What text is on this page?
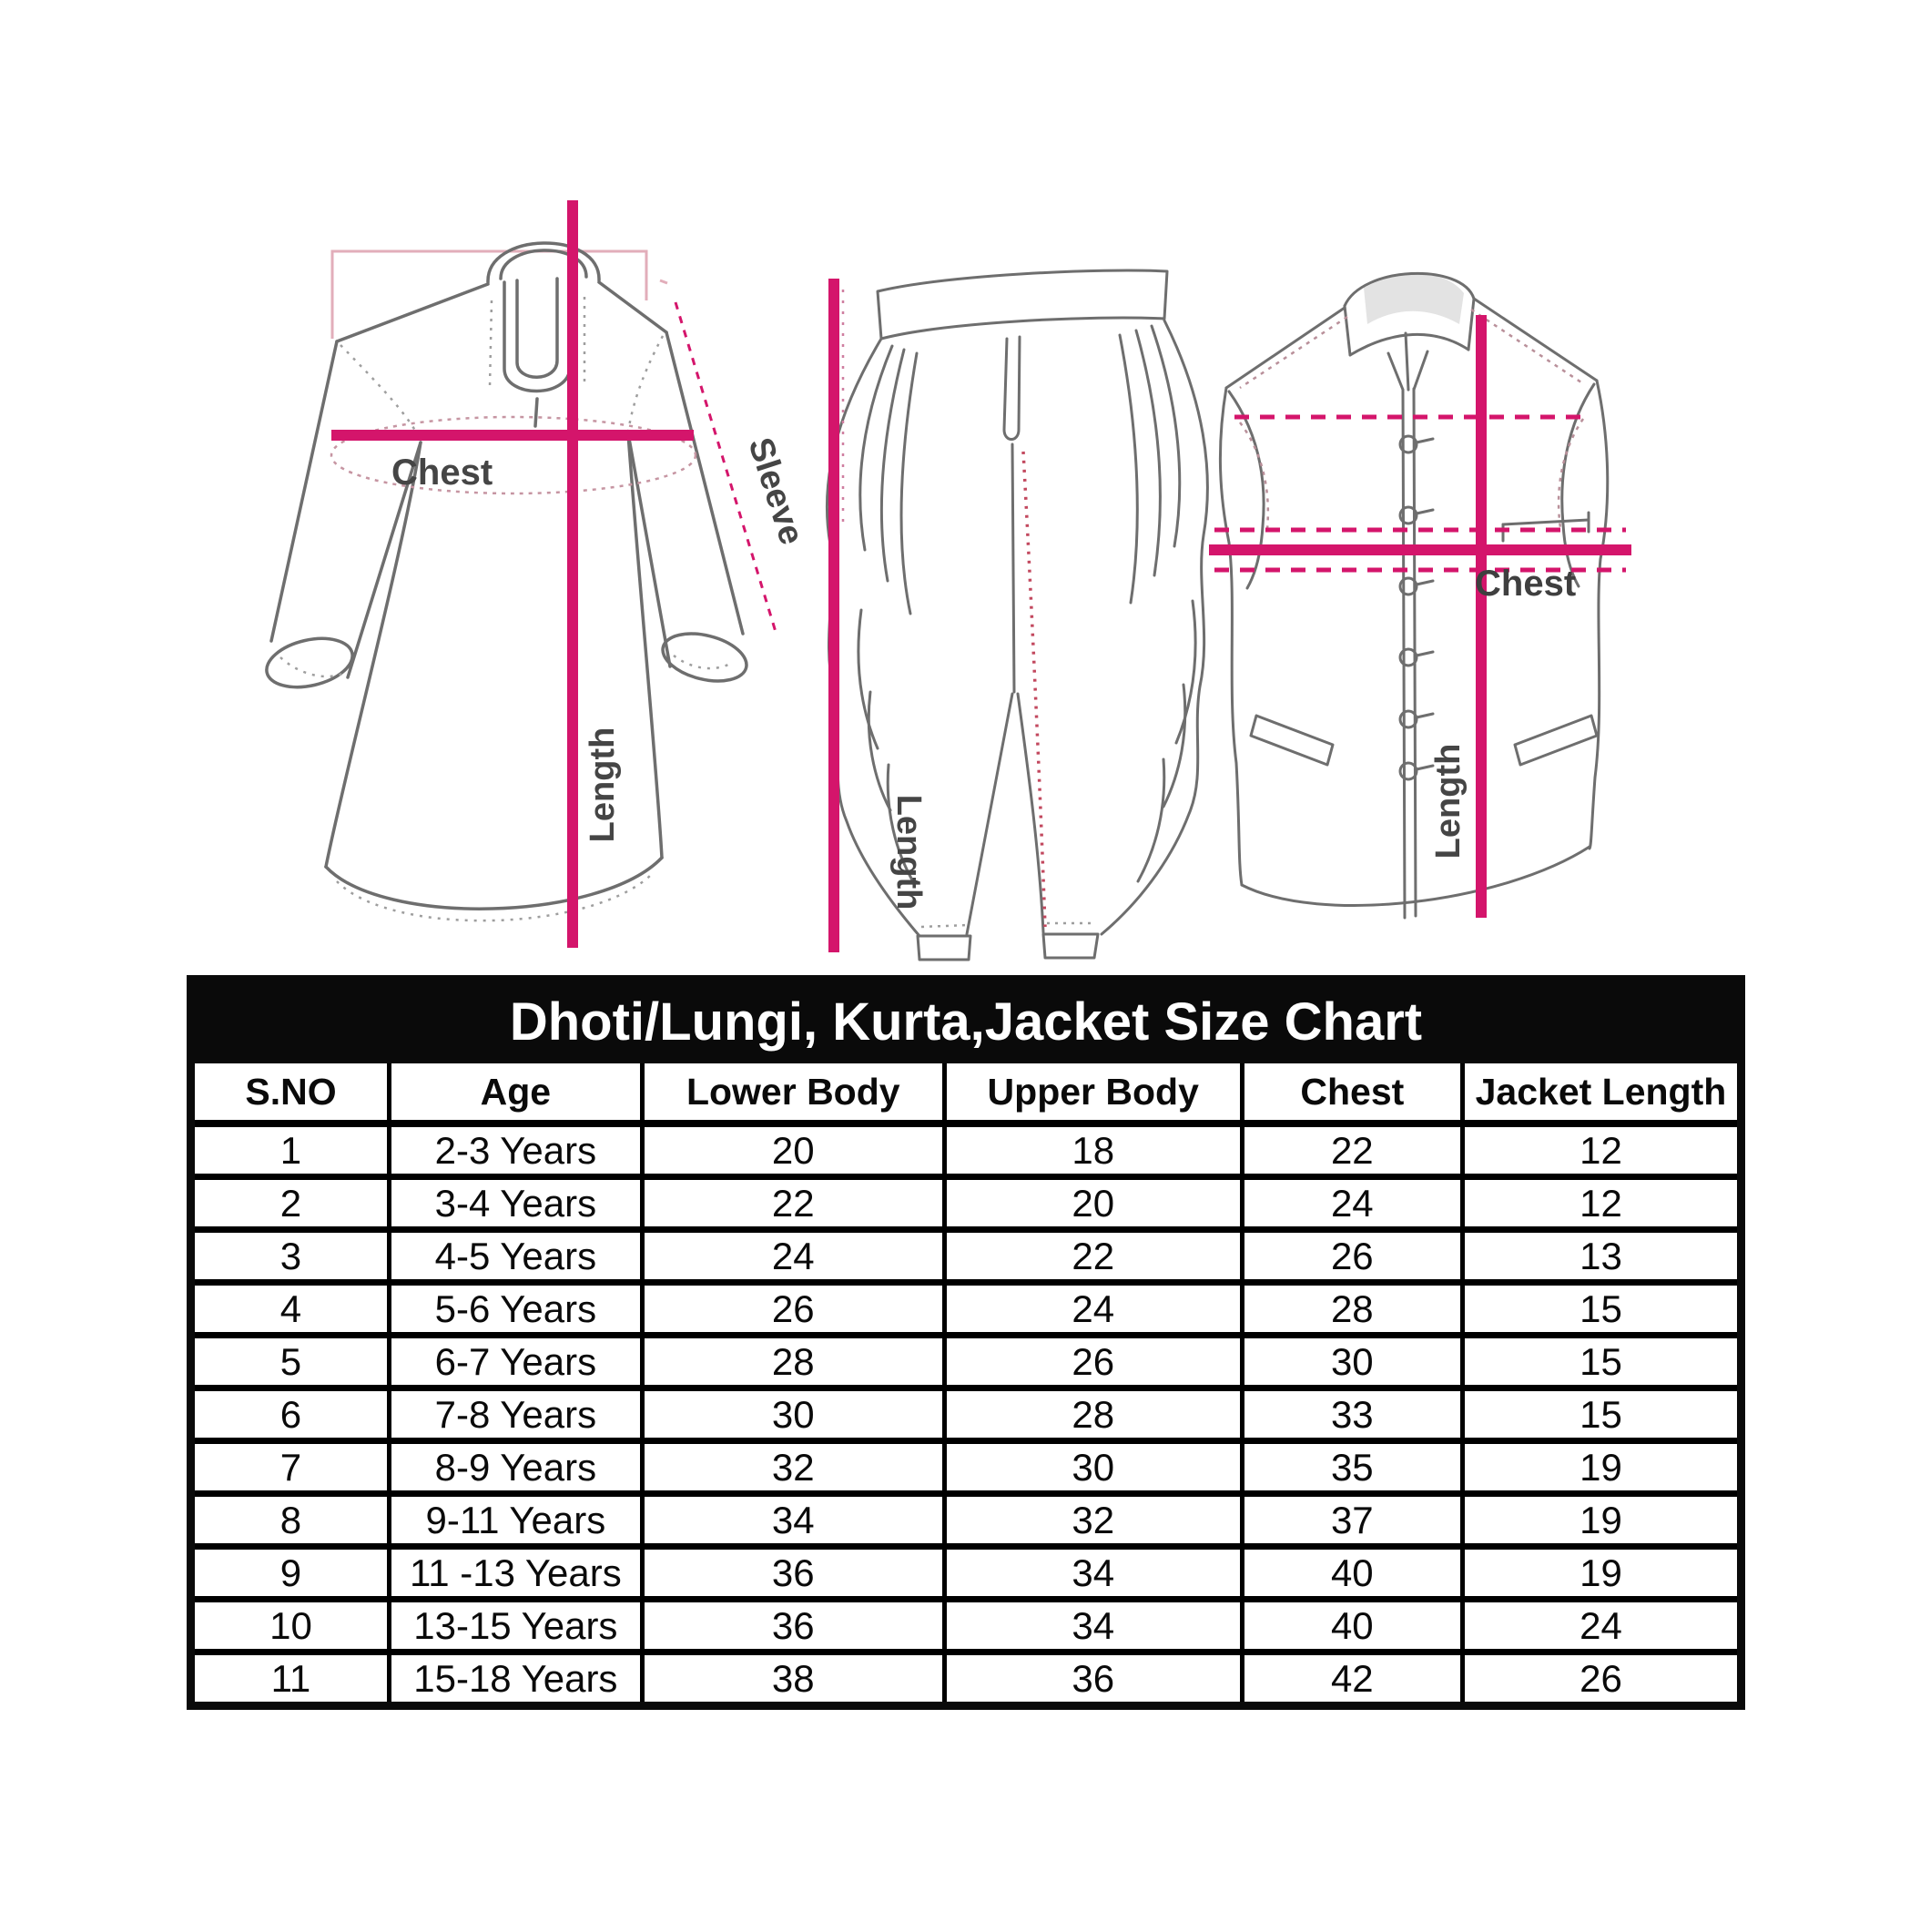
Chest	Sleeve
Length
Length
Chest
Length
Dhoti/Lungi, Kurta,Jacket Size Chart
S.NO	Age	Lower Body	Upper Body	Chest	Jacket Length
1	2-3 Years	20	18	22	12
2	3-4 Years	22	20	24	12
3	4-5 Years	24	22	26	13
4	5-6 Years	26	24	28	15
5	6-7 Years	28	26	30	15
6	7-8 Years	30	28	33	15
7	8-9 Years	32	30	35	19
8	9-11 Years	34	32	37	19
9	11 -13 Years	36	34	40	19
10	13-15 Years	36	34	40	24
11	15-18 Years	38	36	42	26
